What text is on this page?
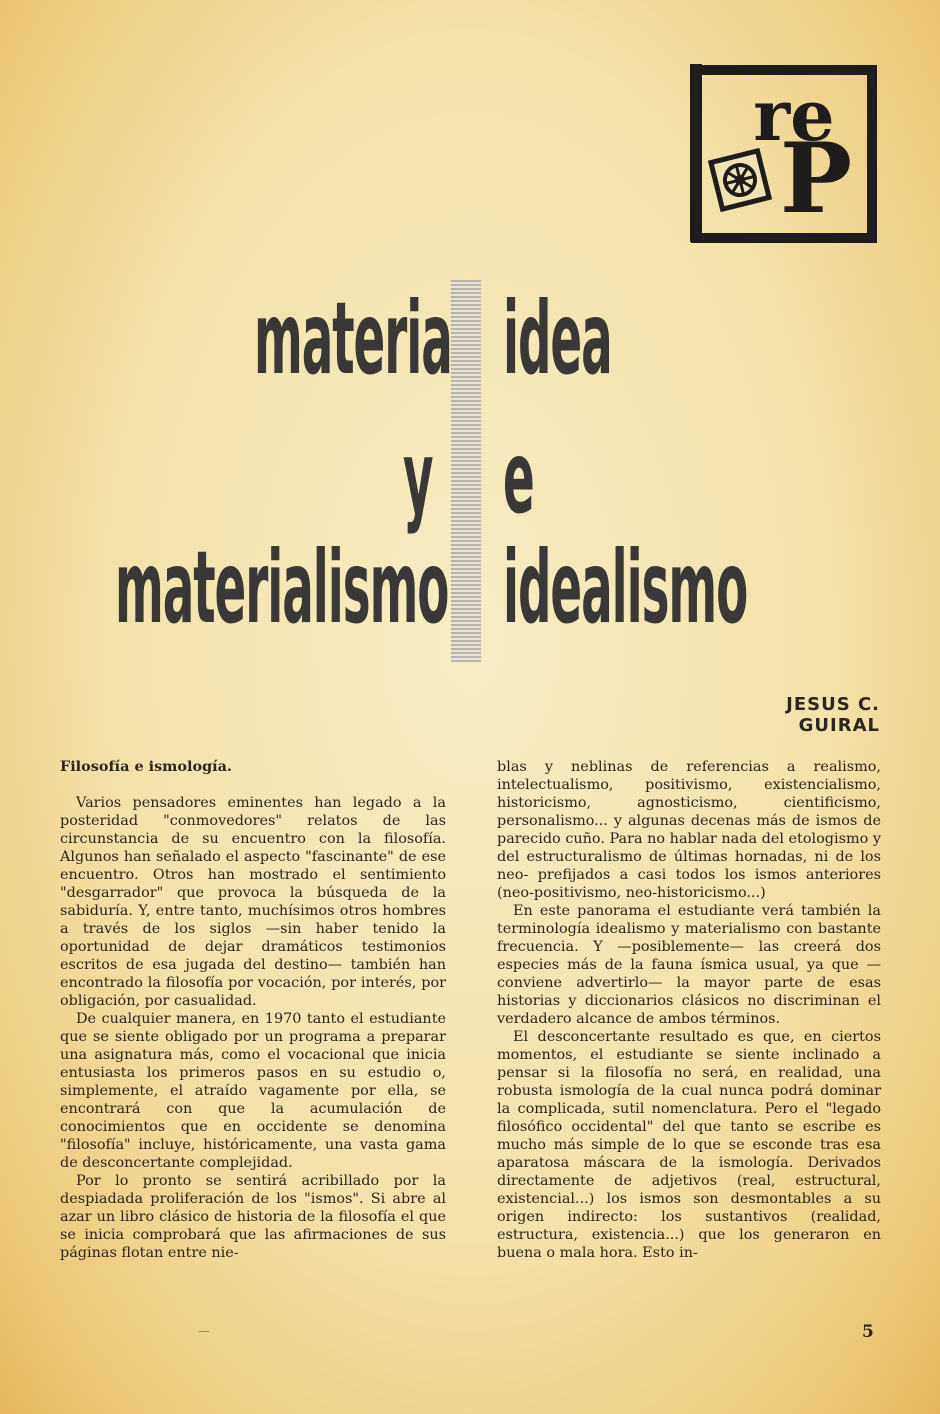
re
P
materia
y
materialismo
idea
e
idealismo
JESUS C. GUIRAL

Filosofía e ismología.

Varios pensadores eminentes han legado a la posteridad "conmovedores" relatos de las circunstancia de su encuentro con la filosofía. Algunos han señalado el aspecto "fascinante" de ese encuentro. Otros han mostrado el sentimiento "desgarrador" que provoca la búsqueda de la sabiduría. Y, entre tanto, muchísimos otros hombres a través de los siglos —sin haber tenido la oportunidad de dejar dramáticos testimonios escritos de esa jugada del destino— también han encontrado la filosofía por vocación, por interés, por obligación, por casualidad.

De cualquier manera, en 1970 tanto el estudiante que se siente obligado por un programa a preparar una asignatura más, como el vocacional que inicia entusiasta los primeros pasos en su estudio o, simplemente, el atraído vagamente por ella, se encontrará con que la acumulación de conocimientos que en occidente se denomina "filosofía" incluye, históricamente, una vasta gama de desconcertante complejidad.

Por lo pronto se sentirá acribillado por la despiadada proliferación de los "ismos". Si abre al azar un libro clásico de historia de la filosofía el que se inicia comprobará que las afirmaciones de sus páginas flotan entre nie-

blas y neblinas de referencias a realismo, intelectualismo, positivismo, existencialismo, historicismo, agnosticismo, cientificismo, personalismo... y algunas decenas más de ismos de parecido cuño. Para no hablar nada del etologismo y del estructuralismo de últimas hornadas, ni de los neo- prefijados a casi todos los ismos anteriores (neo-positivismo, neo-historicismo...)

En este panorama el estudiante verá también la terminología idealismo y materialismo con bastante frecuencia. Y —posiblemente— las creerá dos especies más de la fauna ísmica usual, ya que —conviene advertirlo— la mayor parte de esas historias y diccionarios clásicos no discriminan el verdadero alcance de ambos términos.

El desconcertante resultado es que, en ciertos momentos, el estudiante se siente inclinado a pensar si la filosofía no será, en realidad, una robusta ismología de la cual nunca podrá dominar la complicada, sutil nomenclatura. Pero el "legado filosófico occidental" del que tanto se escribe es mucho más simple de lo que se esconde tras esa aparatosa máscara de la ismología. Derivados directamente de adjetivos (real, estructural, existencial...) los ismos son desmontables a su origen indirecto: los sustantivos (realidad, estructura, existencia...) que los generaron en buena o mala hora. Esto in-

—	5
